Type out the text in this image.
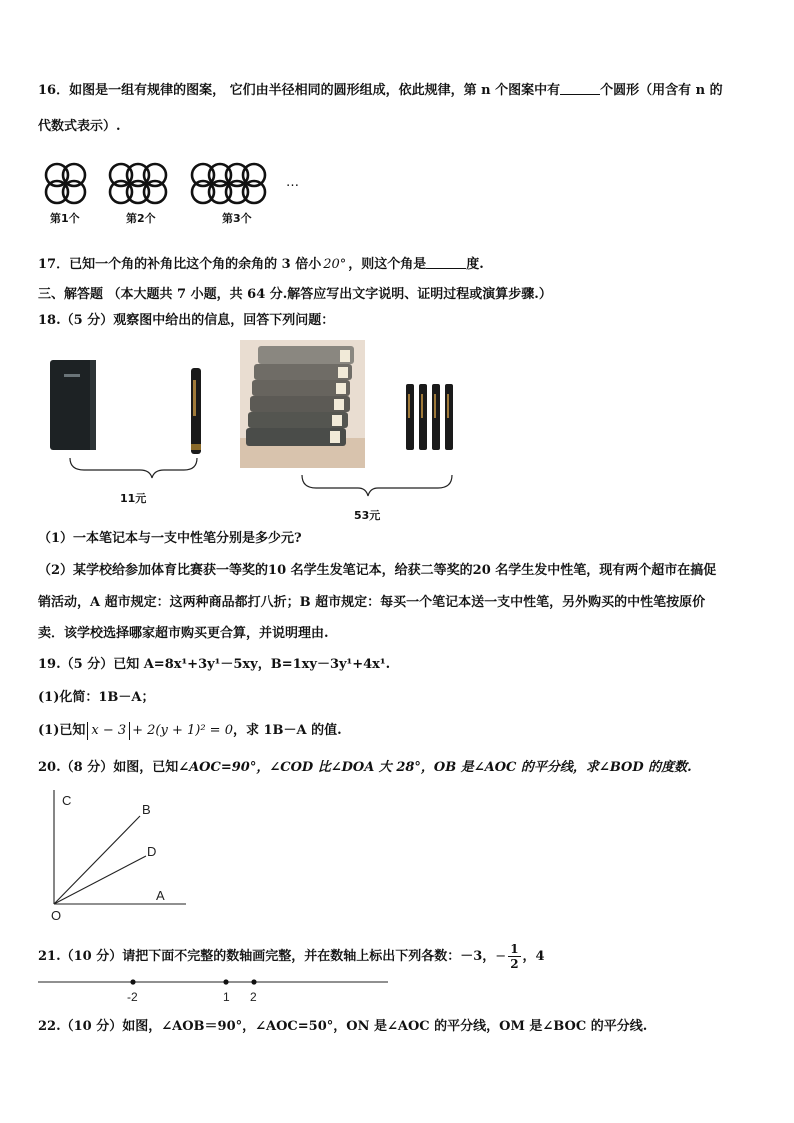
16．如图是一组有规律的图案， 它们由半径相同的圆形组成，依此规律，第 n 个图案中有	个圆形（用含有 n 的
代数式表示）.
…
第1个	第2个	第3个
17．已知一个角的补角比这个角的余角的 3 倍小 20° ，则这个角是	度.
三、解答题 （本大题共 7 小题，共 64 分.解答应写出文字说明、证明过程或演算步骤.）
18.（5 分）观察图中给出的信息，回答下列问题：
11元
53元
（1）一本笔记本与一支中性笔分别是多少元?
（2）某学校给参加体育比赛获一等奖的10 名学生发笔记本，给获二等奖的20 名学生发中性笔，现有两个超市在搞促
销活动，A 超市规定：这两种商品都打八折；B 超市规定：每买一个笔记本送一支中性笔，另外购买的中性笔按原价
卖．该学校选择哪家超市购买更合算，并说明理由.
19.（5 分）已知 A=8x¹+3y¹－5xy，B=1xy－3y¹+4x¹.
(1)化简：1B－A；
(1)已知 x − 3 + 2(y + 1)² = 0，求 1B－A 的值.
20.（8 分）如图，已知∠AOC=90°，∠COD 比∠DOA 大 28°，OB 是∠AOC 的平分线，求∠BOD 的度数.
C
B
D
A
O
21.（10 分）请把下面不完整的数轴画完整，并在数轴上标出下列各数：－3，− $\frac{1}{2}$ ，4
-2	1 2
22.（10 分）如图，∠AOB＝90°，∠AOC=50°，ON 是∠AOC 的平分线，OM 是∠BOC 的平分线.
